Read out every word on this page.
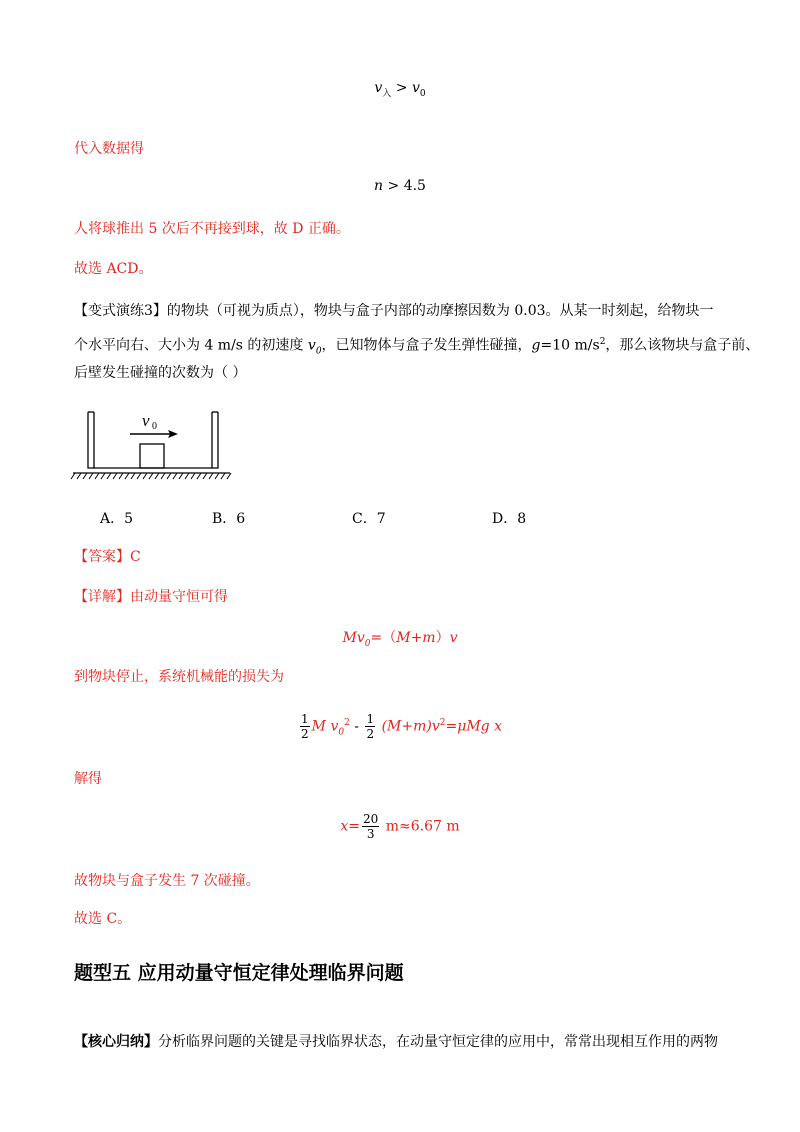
$v_入 > v_0$
代入数据得
n > 4.5
人将球推出 5 次后不再接到球，故 D 正确。
故选 ACD。
【变式演练3】的物块（可视为质点），物块与盒子内部的动摩擦因数为 0.03。从某一时刻起，给物块一
个水平向右、大小为 4 m/s 的初速度 $v_0$，已知物体与盒子发生弹性碰撞，g=10 $m/s^2$，那么该物块与盒子前、
后壁发生碰撞的次数为（ ）
v 0
A．5	B．6	C．7	D．8
【答案】C
【详解】由动量守恒可得
$Mv_0=(M+m)v$
到物块停止，系统机械能的损失为
$\frac{1}{2}$ M $v_0^2 - \frac{1}{2} (M+m)v^2=\mu Mg$ x
解得
$x= \frac{20}{3} m\approx 6.67$ m
故物块与盒子发生 7 次碰撞。
故选 C。
题型五 应用动量守恒定律处理临界问题
【核心归纳】分析临界问题的关键是寻找临界状态，在动量守恒定律的应用中，常常出现相互作用的两物
